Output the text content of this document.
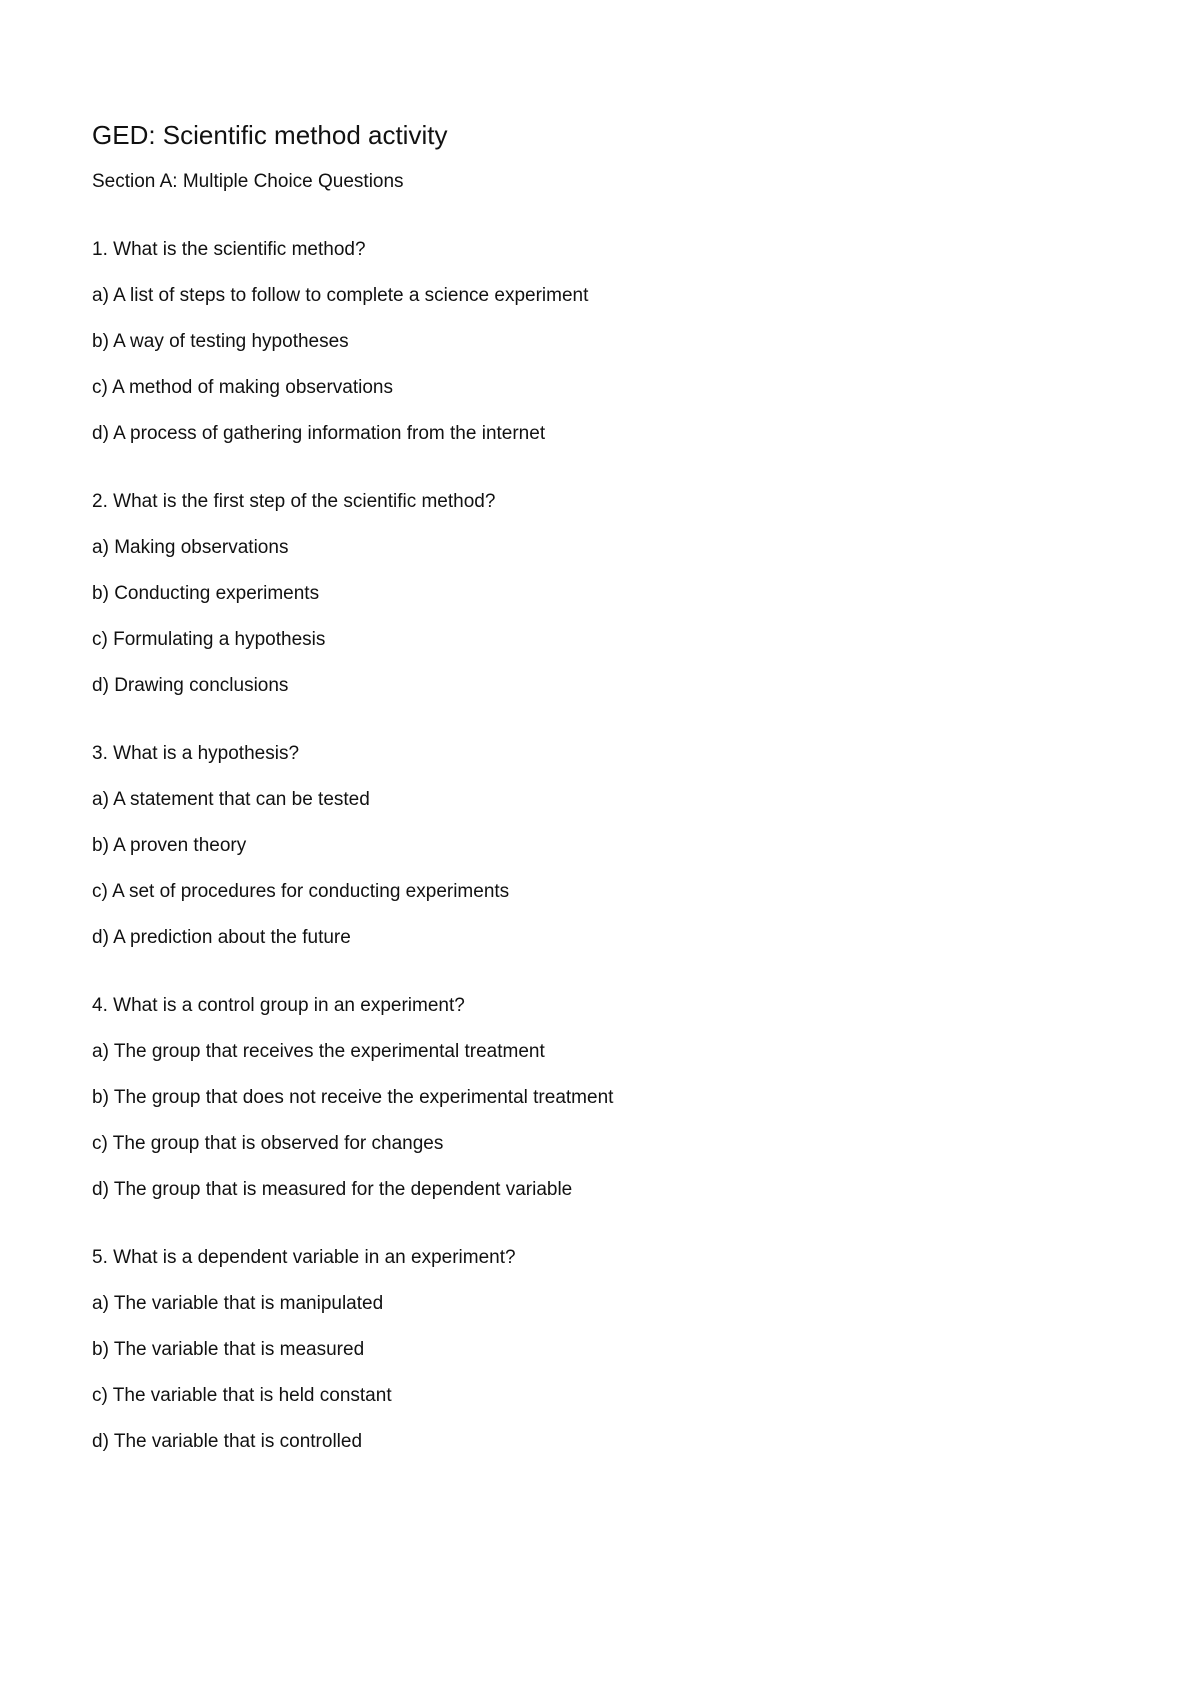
GED: Scientific method activity
Section A: Multiple Choice Questions
1. What is the scientific method?
a ) A list of steps to follow to complete a science experiment
b ) A way of testing hypotheses
c ) A method of making observations
d ) A process of gathering information from the internet
2. What is the first step of the scientific method?
a ) Making observations
b ) Conducting experiments
c ) Formulating a hypothesis
d ) Drawing conclusions
3. What is a hypothesis?
a ) A statement that can be tested
b ) A proven theory
c ) A set of procedures for conducting experiments
d ) A prediction about the future
4. What is a control group in an experiment?
a ) The group that receives the experimental treatment
b ) The group that does not receive the experimental treatment
c ) The group that is observed for changes
d ) The group that is measured for the dependent variable
5. What is a dependent variable in an experiment?
a ) The variable that is manipulated
b ) The variable that is measured
c ) The variable that is held constant
d ) The variable that is controlled
